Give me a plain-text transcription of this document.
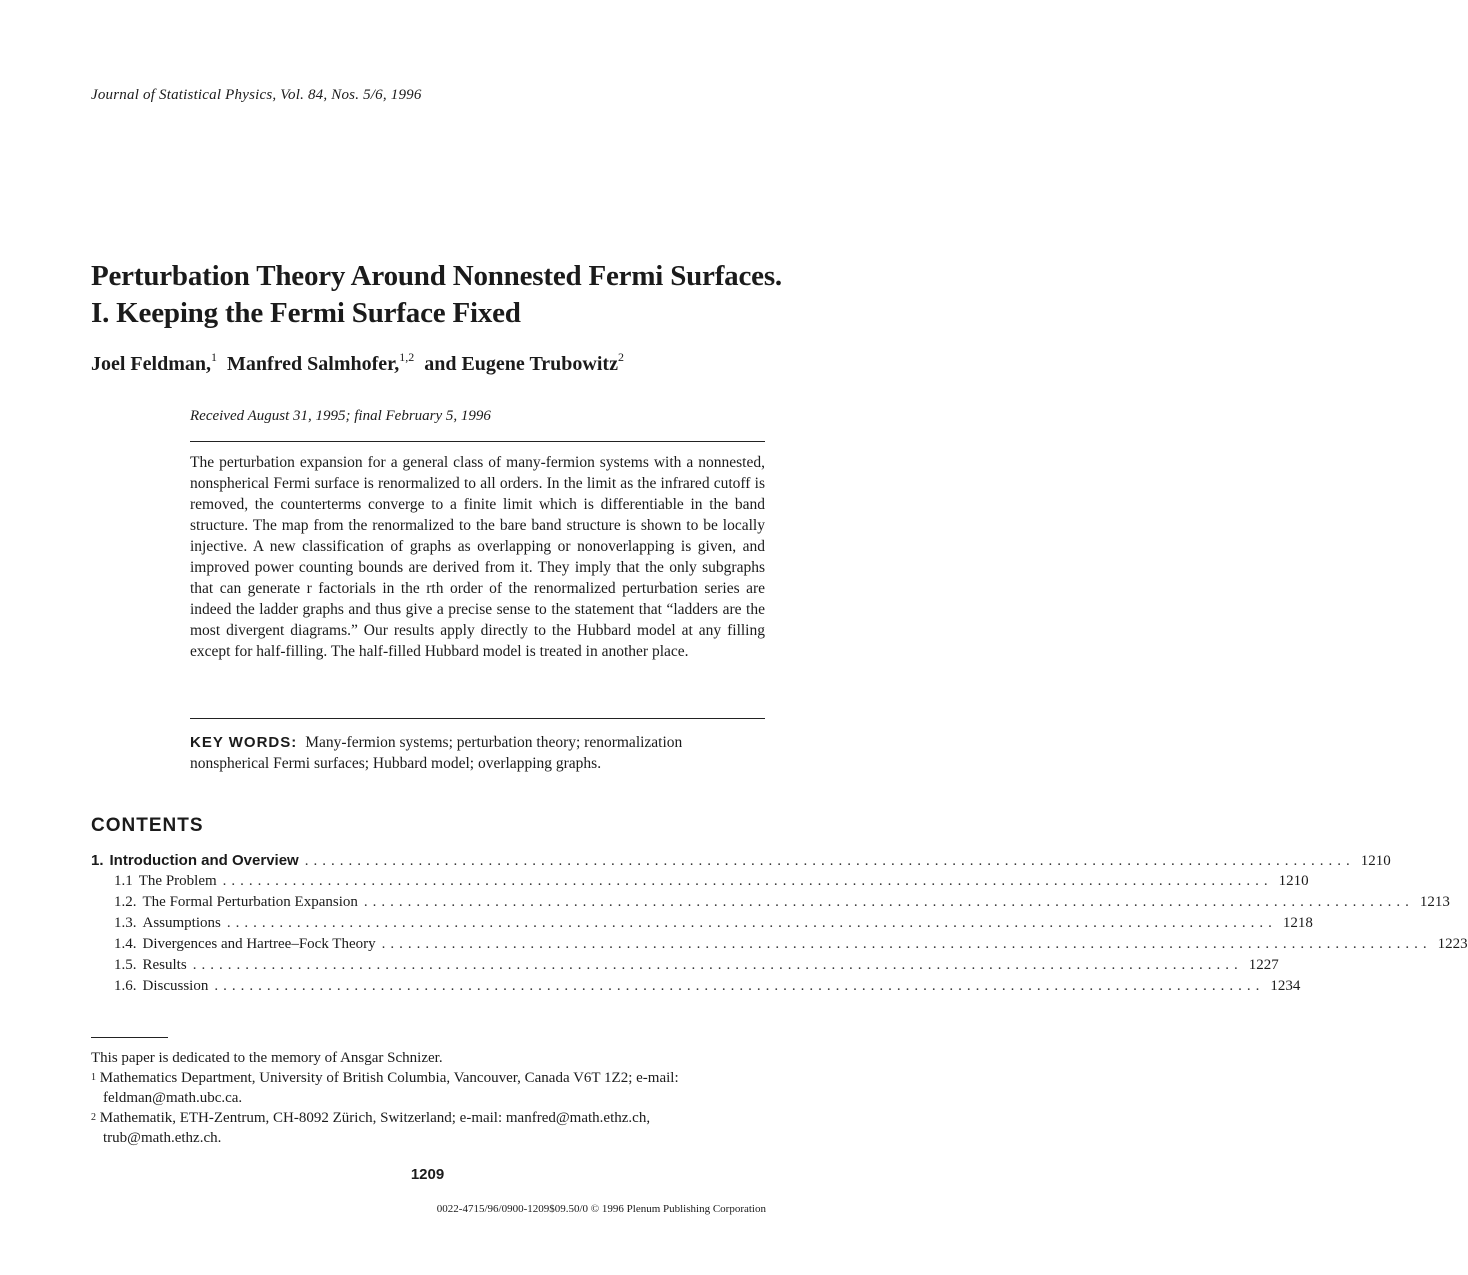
Journal of Statistical Physics, Vol. 84, Nos. 5/6, 1996
Perturbation Theory Around Nonnested Fermi Surfaces.
I. Keeping the Fermi Surface Fixed
Joel Feldman,$^1$ Manfred Salmhofer,$^{1,2}$ and Eugene Trubowitz$^2$
Received August 31, 1995; final February 5, 1996
The perturbation expansion for a general class of many-fermion systems with a nonnested, nonspherical Fermi surface is renormalized to all orders. In the limit as the infrared cutoff is removed, the counterterms converge to a finite limit which is differentiable in the band structure. The map from the renormalized to the bare band structure is shown to be locally injective. A new classification of graphs as overlapping or nonoverlapping is given, and improved power counting bounds are derived from it. They imply that the only subgraphs that can generate r factorials in the rth order of the renormalized perturbation series are indeed the ladder graphs and thus give a precise sense to the statement that “ladders are the most divergent diagrams.” Our results apply directly to the Hubbard model at any filling except for half-filling. The half-filled Hubbard model is treated in another place.
KEY WORDS: Many-fermion systems; perturbation theory; renormalization nonspherical Fermi surfaces; Hubbard model; overlapping graphs.
CONTENTS
1. Introduction and Overview ........................................................................................................................ 1210
1.1 The Problem ........................................................................................................................ 1210
1.2. The Formal Perturbation Expansion ........................................................................................................................ 1213
1.3. Assumptions ........................................................................................................................ 1218
1.4. Divergences and Hartree–Fock Theory ........................................................................................................................ 1223
1.5. Results ........................................................................................................................ 1227
1.6. Discussion ........................................................................................................................ 1234

This paper is dedicated to the memory of Ansgar Schnizer.

$^1$ Mathematics Department, University of British Columbia, Vancouver, Canada V6T 1Z2; e-mail: feldman@math.ubc.ca.

$^2$ Mathematik, ETH-Zentrum, CH-8092 Zürich, Switzerland; e-mail: manfred@math.ethz.ch, trub@math.ethz.ch.

1209
0022-4715/96/0900-1209$09.50/0 © 1996 Plenum Publishing Corporation
